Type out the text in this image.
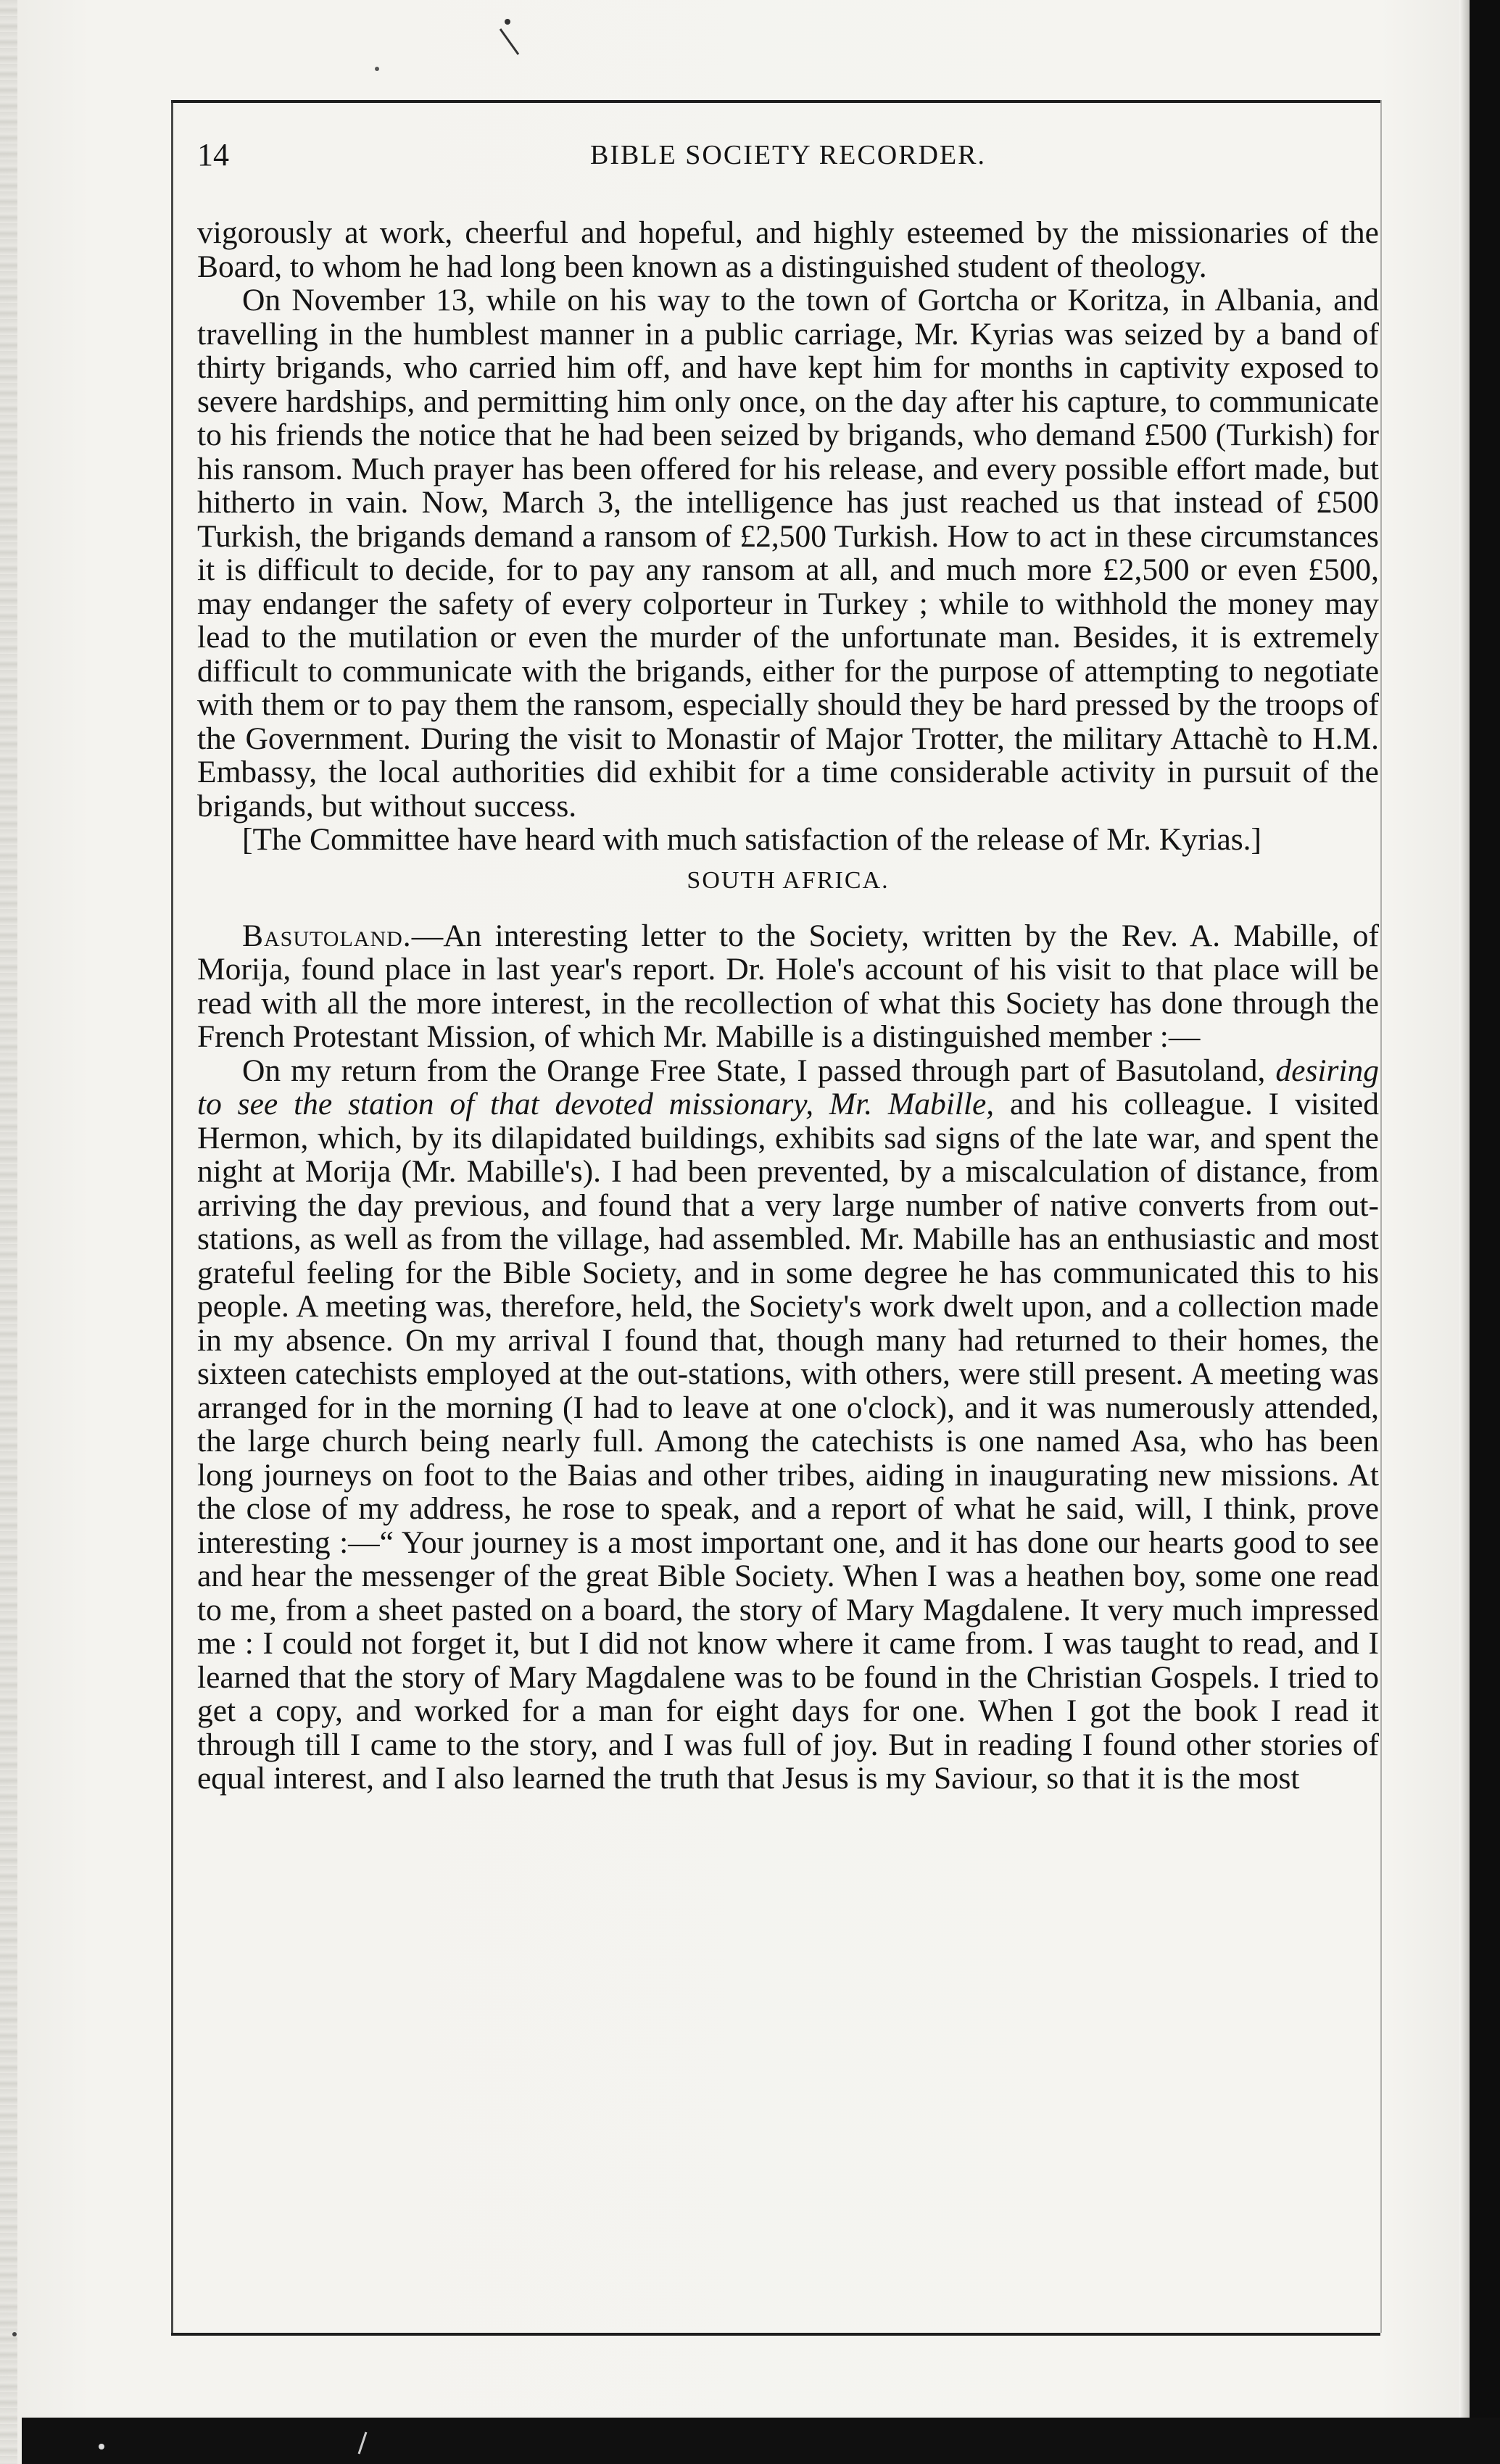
14	BIBLE SOCIETY RECORDER.

vigorously at work, cheerful and hopeful, and highly esteemed by the missionaries of the Board, to whom he had long been known as a distinguished student of theology.

On November 13, while on his way to the town of Gortcha or Koritza, in Albania, and travelling in the humblest manner in a public carriage, Mr. Kyrias was seized by a band of thirty brigands, who carried him off, and have kept him for months in captivity exposed to severe hardships, and permitting him only once, on the day after his capture, to communicate to his friends the notice that he had been seized by brigands, who demand £500 (Turkish) for his ransom. Much prayer has been offered for his release, and every possible effort made, but hitherto in vain. Now, March 3, the intelligence has just reached us that instead of £500 Turkish, the brigands demand a ransom of £2,500 Turkish. How to act in these circumstances it is difficult to decide, for to pay any ransom at all, and much more £2,500 or even £500, may endanger the safety of every colporteur in Turkey ; while to withhold the money may lead to the mutilation or even the murder of the unfortunate man. Besides, it is extremely difficult to communicate with the brigands, either for the purpose of attempting to negotiate with them or to pay them the ransom, especially should they be hard pressed by the troops of the Government. During the visit to Monastir of Major Trotter, the military Attachè to H.M. Embassy, the local authorities did exhibit for a time considerable activity in pursuit of the brigands, but without success.

[The Committee have heard with much satisfaction of the release of Mr. Kyrias.]

SOUTH AFRICA.

Basutoland.—An interesting letter to the Society, written by the Rev. A. Mabille, of Morija, found place in last year's report. Dr. Hole's account of his visit to that place will be read with all the more interest, in the recollection of what this Society has done through the French Protestant Mission, of which Mr. Mabille is a distinguished member :—

On my return from the Orange Free State, I passed through part of Basutoland, desiring to see the station of that devoted missionary, Mr. Mabille, and his colleague. I visited Hermon, which, by its dilapidated buildings, exhibits sad signs of the late war, and spent the night at Morija (Mr. Mabille's). I had been prevented, by a miscalculation of distance, from arriving the day previous, and found that a very large number of native converts from out-stations, as well as from the village, had assembled. Mr. Mabille has an enthusiastic and most grateful feeling for the Bible Society, and in some degree he has communicated this to his people. A meeting was, therefore, held, the Society's work dwelt upon, and a collection made in my absence. On my arrival I found that, though many had returned to their homes, the sixteen catechists employed at the out-stations, with others, were still present. A meeting was arranged for in the morning (I had to leave at one o'clock), and it was numerously attended, the large church being nearly full. Among the catechists is one named Asa, who has been long journeys on foot to the Baias and other tribes, aiding in inaugurating new missions. At the close of my address, he rose to speak, and a report of what he said, will, I think, prove interesting :—“ Your journey is a most important one, and it has done our hearts good to see and hear the messenger of the great Bible Society. When I was a heathen boy, some one read to me, from a sheet pasted on a board, the story of Mary Magdalene. It very much impressed me : I could not forget it, but I did not know where it came from. I was taught to read, and I learned that the story of Mary Magdalene was to be found in the Christian Gospels. I tried to get a copy, and worked for a man for eight days for one. When I got the book I read it through till I came to the story, and I was full of joy. But in reading I found other stories of equal interest, and I also learned the truth that Jesus is my Saviour, so that it is the most
